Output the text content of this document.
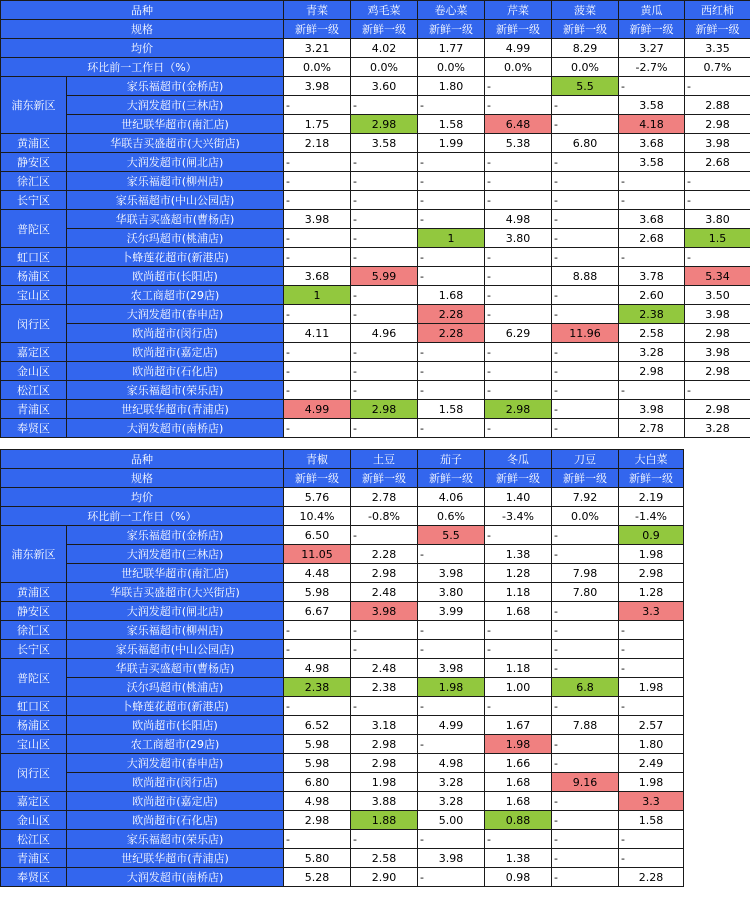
品种		青菜	鸡毛菜	卷心菜	芹菜	菠菜	黄瓜	西红柿
规格		新鲜一级	新鲜一级	新鲜一级	新鲜一级	新鲜一级	新鲜一级	新鲜一级
均价		3.21	4.02	1.77	4.99	8.29	3.27	3.35
环比前一工作日（%）		0.0%	0.0%	0.0%	0.0%	0.0%	-2.7%	0.7%
浦东新区	家乐福超市(金桥店)	3.98	3.60	1.80	-	5.5	-	-
	大润发超市(三林店)	-	-	-	-	-	3.58	2.88
	世纪联华超市(南汇店)	1.75	2.98	1.58	6.48	-	4.18	2.98
黄浦区	华联吉买盛超市(大兴街店)	2.18	3.58	1.99	5.38	6.80	3.68	3.98
静安区	大润发超市(闸北店)	-	-	-	-	-	3.58	2.68
徐汇区	家乐福超市(柳州店)	-	-	-	-	-	-	-
长宁区	家乐福超市(中山公园店)	-	-	-	-	-	-	-
普陀区	华联吉买盛超市(曹杨店)	3.98	-	-	4.98	-	3.68	3.80
	沃尔玛超市(桃浦店)	-	-	1	3.80	-	2.68	1.5
虹口区	卜蜂莲花超市(新港店)	-	-	-	-	-	-	-
杨浦区	欧尚超市(长阳店)	3.68	5.99	-	-	8.88	3.78	5.34
宝山区	农工商超市(29店)	1	-	1.68	-	-	2.60	3.50
闵行区	大润发超市(春申店)	-	-	2.28	-	-	2.38	3.98
	欧尚超市(闵行店)	4.11	4.96	2.28	6.29	11.96	2.58	2.98
嘉定区	欧尚超市(嘉定店)	-	-	-	-	-	3.28	3.98
金山区	欧尚超市(石化店)	-	-	-	-	-	2.98	2.98
松江区	家乐福超市(荣乐店)	-	-	-	-	-	-	-
青浦区	世纪联华超市(青浦店)	4.99	2.98	1.58	2.98	-	3.98	2.98
奉贤区	大润发超市(南桥店)	-	-	-	-	-	2.78	3.28
品种		青椒	土豆	茄子	冬瓜	刀豆	大白菜
规格		新鲜一级	新鲜一级	新鲜一级	新鲜一级	新鲜一级	新鲜一级
均价		5.76	2.78	4.06	1.40	7.92	2.19
环比前一工作日（%）		10.4%	-0.8%	0.6%	-3.4%	0.0%	-1.4%
浦东新区	家乐福超市(金桥店)	6.50	-	5.5	-	-	0.9
	大润发超市(三林店)	11.05	2.28	-	1.38	-	1.98
	世纪联华超市(南汇店)	4.48	2.98	3.98	1.28	7.98	2.98
黄浦区	华联吉买盛超市(大兴街店)	5.98	2.48	3.80	1.18	7.80	1.28
静安区	大润发超市(闸北店)	6.67	3.98	3.99	1.68	-	3.3
徐汇区	家乐福超市(柳州店)	-	-	-	-	-	-
长宁区	家乐福超市(中山公园店)	-	-	-	-	-	-
普陀区	华联吉买盛超市(曹杨店)	4.98	2.48	3.98	1.18	-	-
	沃尔玛超市(桃浦店)	2.38	2.38	1.98	1.00	6.8	1.98
虹口区	卜蜂莲花超市(新港店)	-	-	-	-	-	-
杨浦区	欧尚超市(长阳店)	6.52	3.18	4.99	1.67	7.88	2.57
宝山区	农工商超市(29店)	5.98	2.98	-	1.98	-	1.80
闵行区	大润发超市(春申店)	5.98	2.98	4.98	1.66	-	2.49
	欧尚超市(闵行店)	6.80	1.98	3.28	1.68	9.16	1.98
嘉定区	欧尚超市(嘉定店)	4.98	3.88	3.28	1.68	-	3.3
金山区	欧尚超市(石化店)	2.98	1.88	5.00	0.88	-	1.58
松江区	家乐福超市(荣乐店)	-	-	-	-	-	-
青浦区	世纪联华超市(青浦店)	5.80	2.58	3.98	1.38	-	-
奉贤区	大润发超市(南桥店)	5.28	2.90	-	0.98	-	2.28
